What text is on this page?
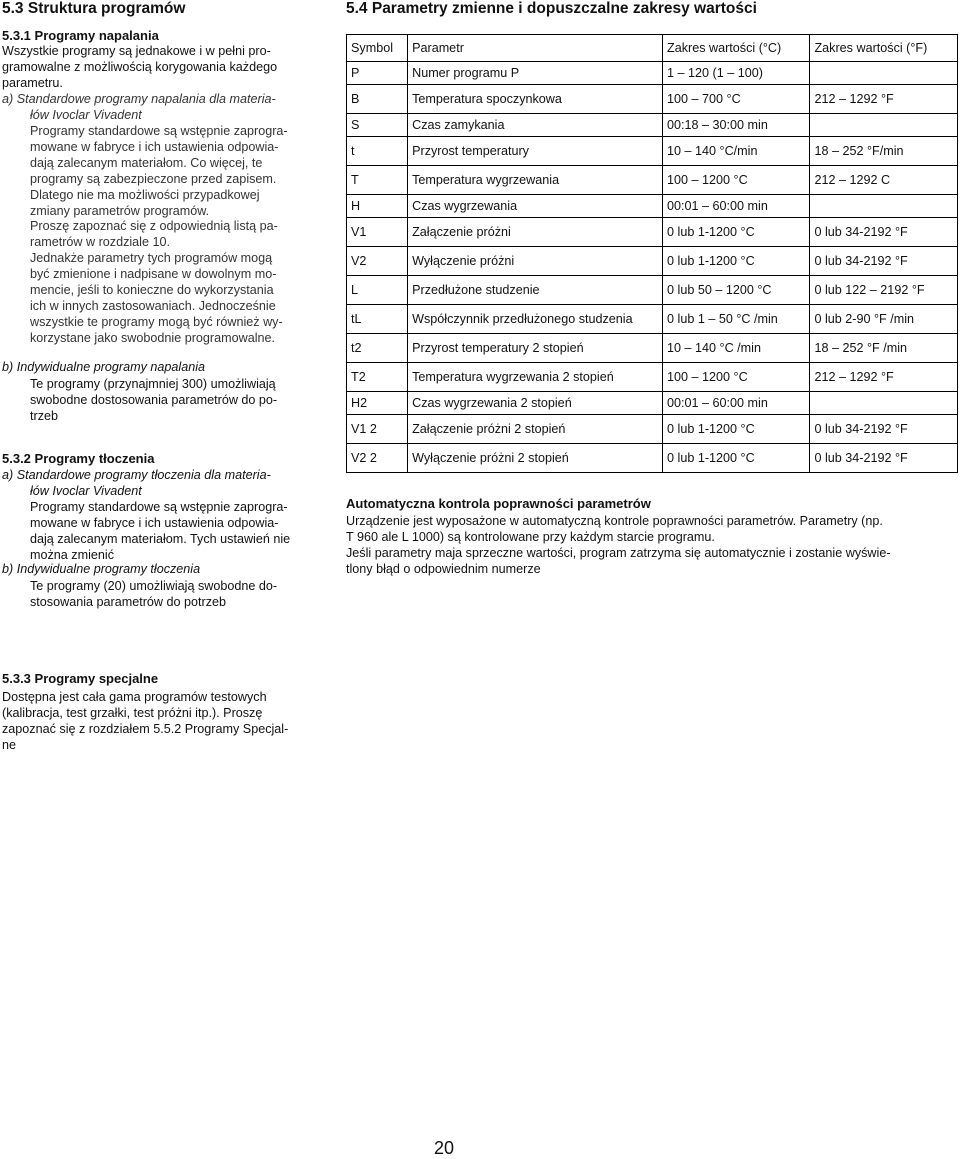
5.3 Struktura programów
5.3.1 Programy napalania

Wszystkie programy są jednakowe i w pełni pro-

gramowalne z możliwością korygowania każdego

parametru.

a) Standardowe programy napalania dla materia-

łów Ivoclar Vivadent

Programy standardowe są wstępnie zaprogra-

mowane w fabryce i ich ustawienia odpowia-

dają zalecanym materiałom. Co więcej, te

programy są zabezpieczone przed zapisem.

Dlatego nie ma możliwości przypadkowej

zmiany parametrów programów.

Proszę zapoznać się z odpowiednią listą pa-

rametrów w rozdziale 10.

Jednakże parametry tych programów mogą

być zmienione i nadpisane w dowolnym mo-

mencie, jeśli to konieczne do wykorzystania

ich w innych zastosowaniach. Jednocześnie

wszystkie te programy mogą być również wy-

korzystane jako swobodnie programowalne.

b) Indywidualne programy napalania

Te programy (przynajmniej 300) umożliwiają

swobodne dostosowania parametrów do po-

trzeb

5.3.2 Programy tłoczenia

a) Standardowe programy tłoczenia dla materia-

łów Ivoclar Vivadent

Programy standardowe są wstępnie zaprogra-

mowane w fabryce i ich ustawienia odpowia-

dają zalecanym materiałom. Tych ustawień nie

można zmienić

b) Indywidualne programy tłoczenia

Te programy (20) umożliwiają swobodne do-

stosowania parametrów do potrzeb

5.3.3 Programy specjalne

Dostępna jest cała gama programów testowych

(kalibracja, test grzałki, test próżni itp.). Proszę

zapoznać się z rozdziałem 5.5.2 Programy Specjal-

ne

5.4 Parametry zmienne i dopuszczalne zakresy wartości
Symbol	Parametr	Zakres wartości (°C)	Zakres wartości (°F)
P	Numer programu P	1 – 120 (1 – 100)	
B	Temperatura spoczynkowa	100 – 700 °C	212 – 1292 °F
S	Czas zamykania	00:18 – 30:00 min	
t	Przyrost temperatury	10 – 140 °C/min	18 – 252 °F/min
T	Temperatura wygrzewania	100 – 1200 °C	212 – 1292 C
H	Czas wygrzewania	00:01 – 60:00 min	
V1	Załączenie próżni	0 lub 1-1200 °C	0 lub 34-2192 °F
V2	Wyłączenie próżni	0 lub 1-1200 °C	0 lub 34-2192 °F
L	Przedłużone studzenie	0 lub 50 – 1200 °C	0 lub 122 – 2192 °F
tL	Współczynnik przedłużonego studzenia	0 lub 1 – 50 °C /min	0 lub 2-90 °F /min
t2	Przyrost temperatury 2 stopień	10 – 140 °C /min	18 – 252 °F /min
T2	Temperatura wygrzewania 2 stopień	100 – 1200 °C	212 – 1292 °F
H2	Czas wygrzewania 2 stopień	00:01 – 60:00 min	
V1 2	Załączenie próżni 2 stopień	0 lub 1-1200 °C	0 lub 34-2192 °F
V2 2	Wyłączenie próżni 2 stopień	0 lub 1-1200 °C	0 lub 34-2192 °F
Automatyczna kontrola poprawności parametrów

Urządzenie jest wyposażone w automatyczną kontrole poprawności parametrów. Parametry (np.

T 960 ale L 1000) są kontrolowane przy każdym starcie programu.

Jeśli parametry maja sprzeczne wartości, program zatrzyma się automatycznie i zostanie wyświe-

tlony błąd o odpowiednim numerze

20
